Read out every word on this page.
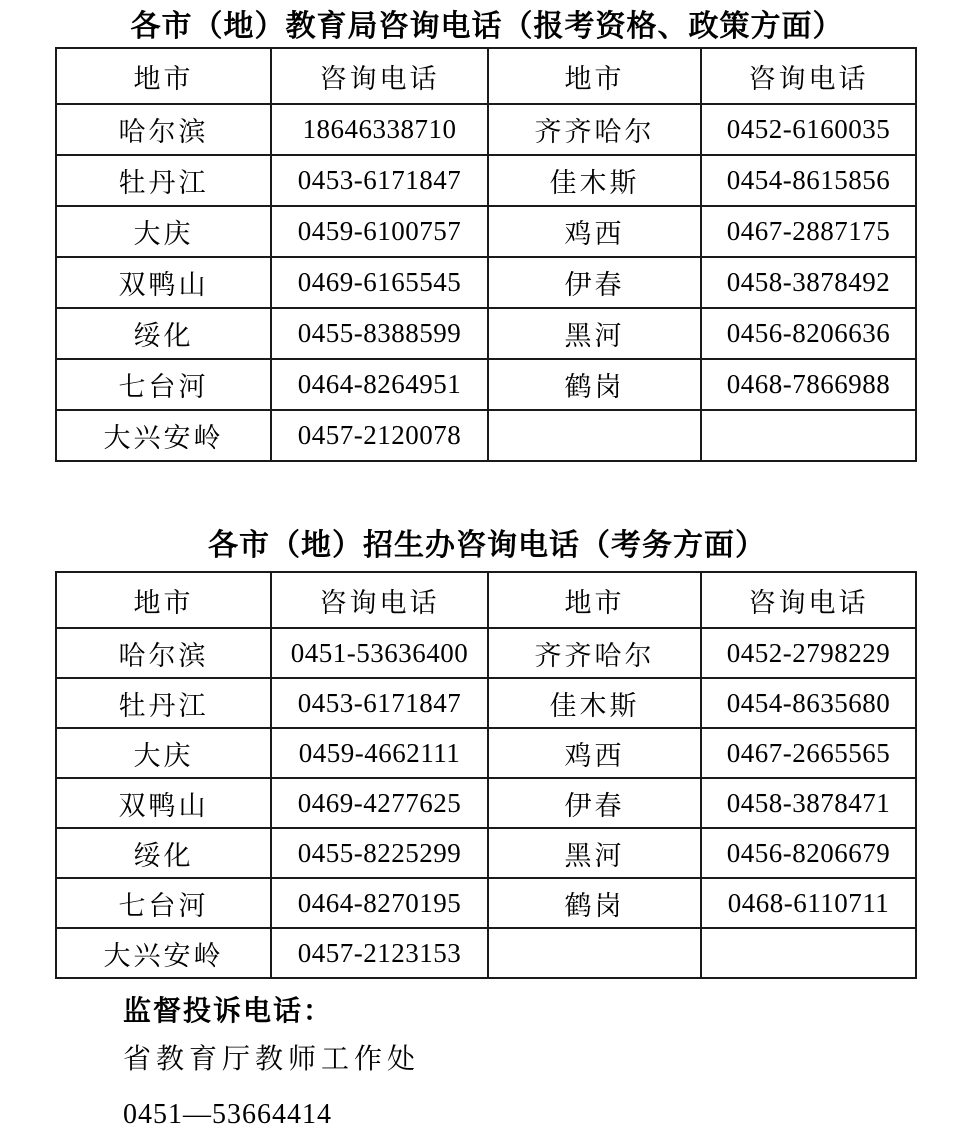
各市（地）教育局咨询电话（报考资格、政策方面）
地市	咨询电话	地市	咨询电话
哈尔滨	18646338710	齐齐哈尔	0452-6160035
牡丹江	0453-6171847	佳木斯	0454-8615856
大庆	0459-6100757	鸡西	0467-2887175
双鸭山	0469-6165545	伊春	0458-3878492
绥化	0455-8388599	黑河	0456-8206636
七台河	0464-8264951	鹤岗	0468-7866988
大兴安岭	0457-2120078		
各市（地）招生办咨询电话（考务方面）
地市	咨询电话	地市	咨询电话
哈尔滨	0451-53636400	齐齐哈尔	0452-2798229
牡丹江	0453-6171847	佳木斯	0454-8635680
大庆	0459-4662111	鸡西	0467-2665565
双鸭山	0469-4277625	伊春	0458-3878471
绥化	0455-8225299	黑河	0456-8206679
七台河	0464-8270195	鹤岗	0468-6110711
大兴安岭	0457-2123153		

监督投诉电话：

省教育厅教师工作处

0451—53664414
